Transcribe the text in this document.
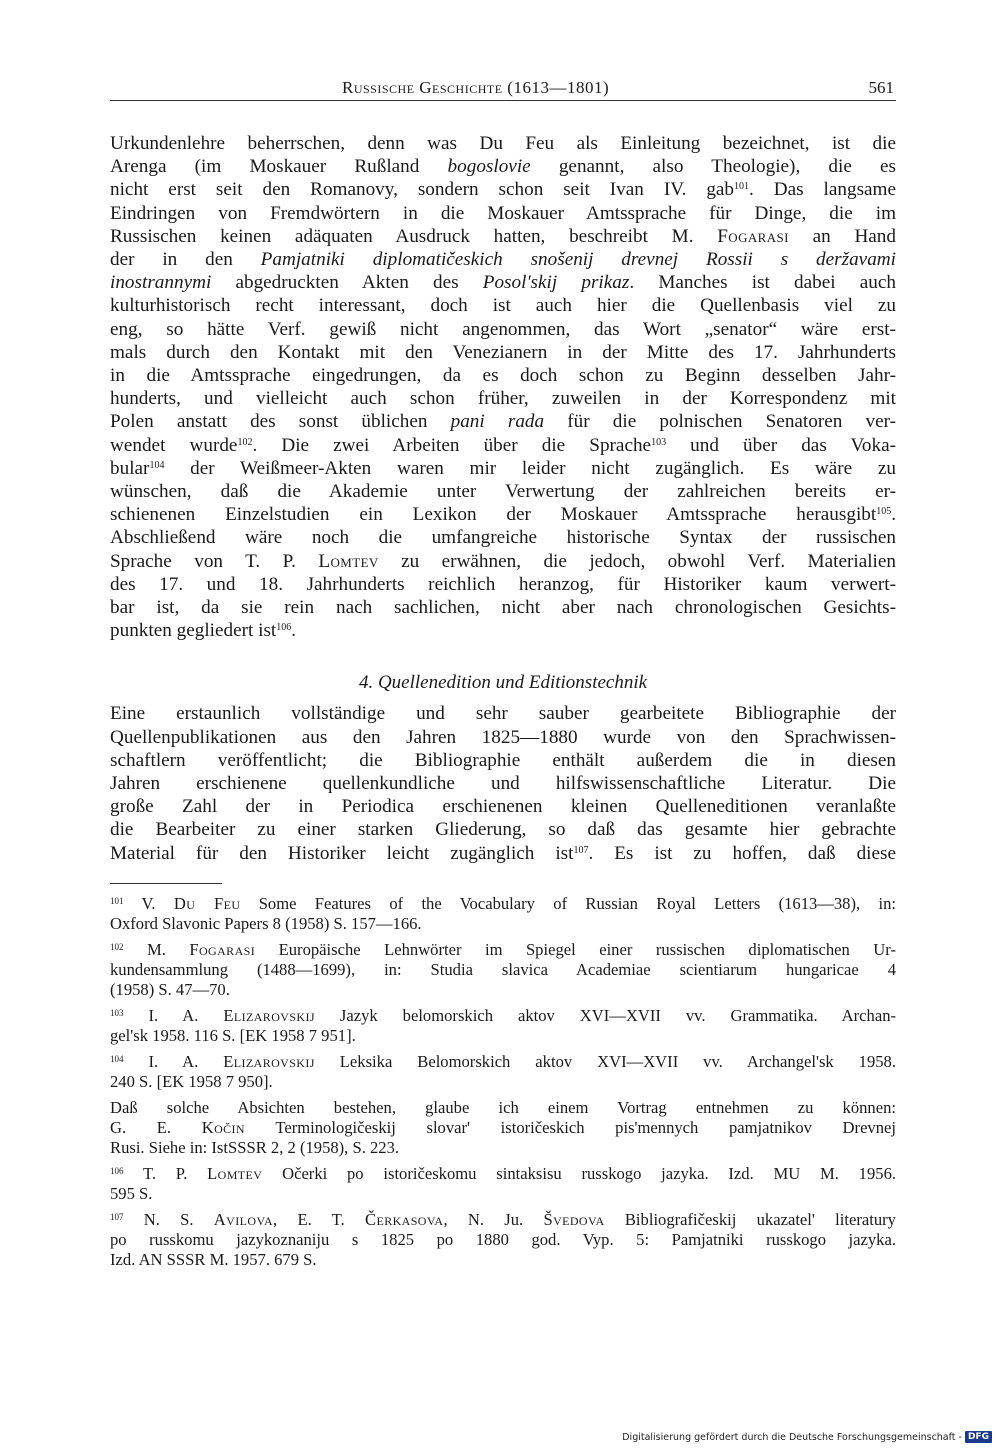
Russische Geschichte (1613—1801)	561
Urkundenlehre beherrschen, denn was Du Feu als Einleitung bezeichnet, ist die
Arenga (im Moskauer Rußland bogoslovie genannt, also Theologie), die es
nicht erst seit den Romanovy, sondern schon seit Ivan IV. gab$^{101}$. Das langsame
Eindringen von Fremdwörtern in die Moskauer Amtssprache für Dinge, die im
Russischen keinen adäquaten Ausdruck hatten, beschreibt M. Fogarasi an Hand
der in den Pamjatniki diplomatičeskich snošenij drevnej Rossii s deržavami
inostrannymi abgedruckten Akten des Posol'skij prikaz. Manches ist dabei auch
kulturhistorisch recht interessant, doch ist auch hier die Quellenbasis viel zu
eng, so hätte Verf. gewiß nicht angenommen, das Wort „senator“ wäre erst-
mals durch den Kontakt mit den Venezianern in der Mitte des 17. Jahrhunderts
in die Amtssprache eingedrungen, da es doch schon zu Beginn desselben Jahr-
hunderts, und vielleicht auch schon früher, zuweilen in der Korrespondenz mit
Polen anstatt des sonst üblichen pani rada für die polnischen Senatoren ver-
wendet wurde$^{102}$. Die zwei Arbeiten über die Sprache$^{103}$ und über das Voka-
bular$^{104}$ der Weißmeer-Akten waren mir leider nicht zugänglich. Es wäre zu
wünschen, daß die Akademie unter Verwertung der zahlreichen bereits er-
schienenen Einzelstudien ein Lexikon der Moskauer Amtssprache herausgibt$^{105}$.
Abschließend wäre noch die umfangreiche historische Syntax der russischen
Sprache von T. P. Lomtev zu erwähnen, die jedoch, obwohl Verf. Materialien
des 17. und 18. Jahrhunderts reichlich heranzog, für Historiker kaum verwert-
bar ist, da sie rein nach sachlichen, nicht aber nach chronologischen Gesichts-
punkten gegliedert ist$^{106}$.
4. Quellenedition und Editionstechnik
Eine erstaunlich vollständige und sehr sauber gearbeitete Bibliographie der
Quellenpublikationen aus den Jahren 1825—1880 wurde von den Sprachwissen-
schaftlern veröffentlicht; die Bibliographie enthält außerdem die in diesen
Jahren erschienene quellenkundliche und hilfswissenschaftliche Literatur. Die
große Zahl der in Periodica erschienenen kleinen Quelleneditionen veranlaßte
die Bearbeiter zu einer starken Gliederung, so daß das gesamte hier gebrachte
Material für den Historiker leicht zugänglich ist$^{107}$. Es ist zu hoffen, daß diese
$^{101}$ V. Du Feu Some Features of the Vocabulary of Russian Royal Letters (1613—38), in:
Oxford Slavonic Papers 8 (1958) S. 157—166.
$^{102}$ M. Fogarasi Europäische Lehnwörter im Spiegel einer russischen diplomatischen Ur-
kundensammlung (1488—1699), in: Studia slavica Academiae scientiarum hungaricae 4
(1958) S. 47—70.
$^{103}$ I. A. Elizarovskij Jazyk belomorskich aktov XVI—XVII vv. Grammatika. Archan-
gel'sk 1958. 116 S. [EK 1958 7 951].
$^{104}$ I. A. Elizarovskij Leksika Belomorskich aktov XVI—XVII vv. Archangel'sk 1958.
240 S. [EK 1958 7 950].
Daß solche Absichten bestehen, glaube ich einem Vortrag entnehmen zu können:
G. E. Kočin Terminologičeskij slovar' istoričeskich pis'mennych pamjatnikov Drevnej
Rusi. Siehe in: IstSSSR 2, 2 (1958), S. 223.
$^{106}$ T. P. Lomtev Očerki po istoričeskomu sintaksisu russkogo jazyka. Izd. MU M. 1956.
595 S.
$^{107}$ N. S. Avilova, E. T. Čerkasova, N. Ju. Švedova Bibliografičeskij ukazatel' literatury
po russkomu jazykoznaniju s 1825 po 1880 god. Vyp. 5: Pamjatniki russkogo jazyka.
Izd. AN SSSR M. 1957. 679 S.
Digitalisierung gefördert durch die Deutsche Forschungsgemeinschaft - DFG
